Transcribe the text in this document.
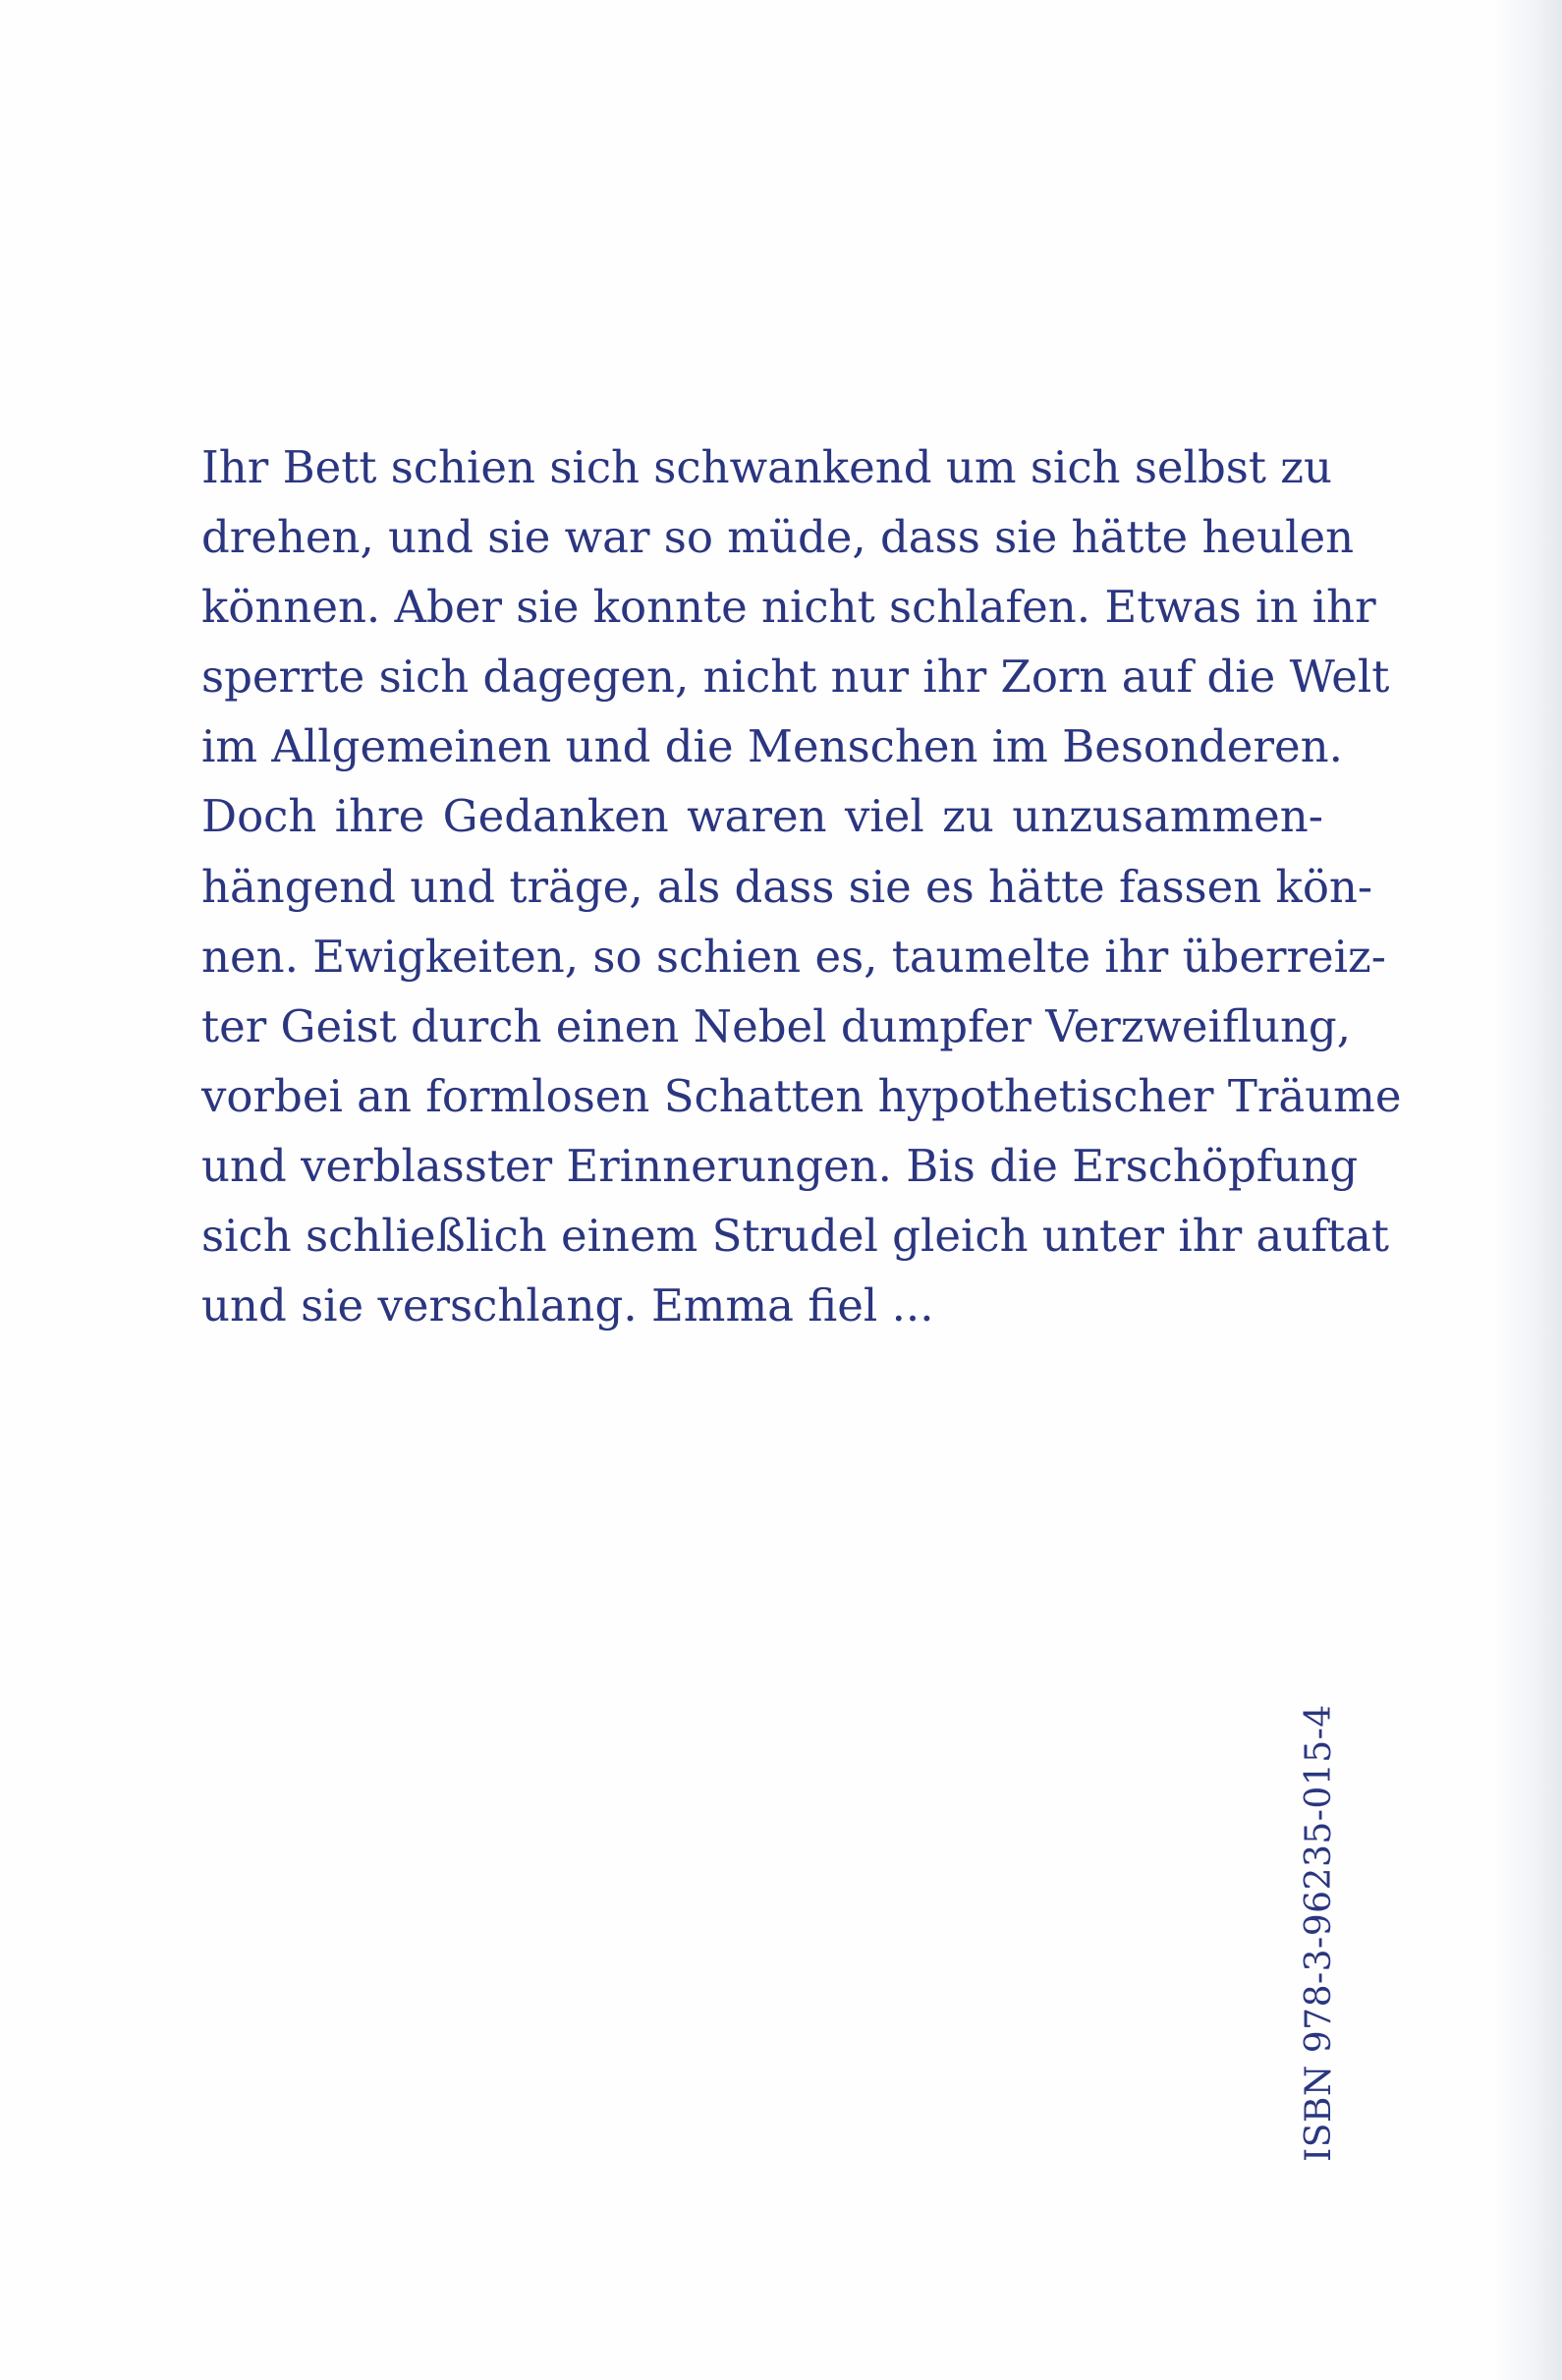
Ihr Bett schien sich schwankend um sich selbst zu
drehen, und sie war so müde, dass sie hätte heulen
können. Aber sie konnte nicht schlafen. Etwas in ihr
sperrte sich dagegen, nicht nur ihr Zorn auf die Welt
im Allgemeinen und die Menschen im Besonderen.
Doch ihre Gedanken waren viel zu unzusammen-
hängend und träge, als dass sie es hätte fassen kön-
nen. Ewigkeiten, so schien es, taumelte ihr überreiz-
ter Geist durch einen Nebel dumpfer Verzweiflung,
vorbei an formlosen Schatten hypothetischer Träume
und verblasster Erinnerungen. Bis die Erschöpfung
sich schließlich einem Strudel gleich unter ihr auftat
und sie verschlang. Emma fiel ...
ISBN 978-3-96235-015-4
